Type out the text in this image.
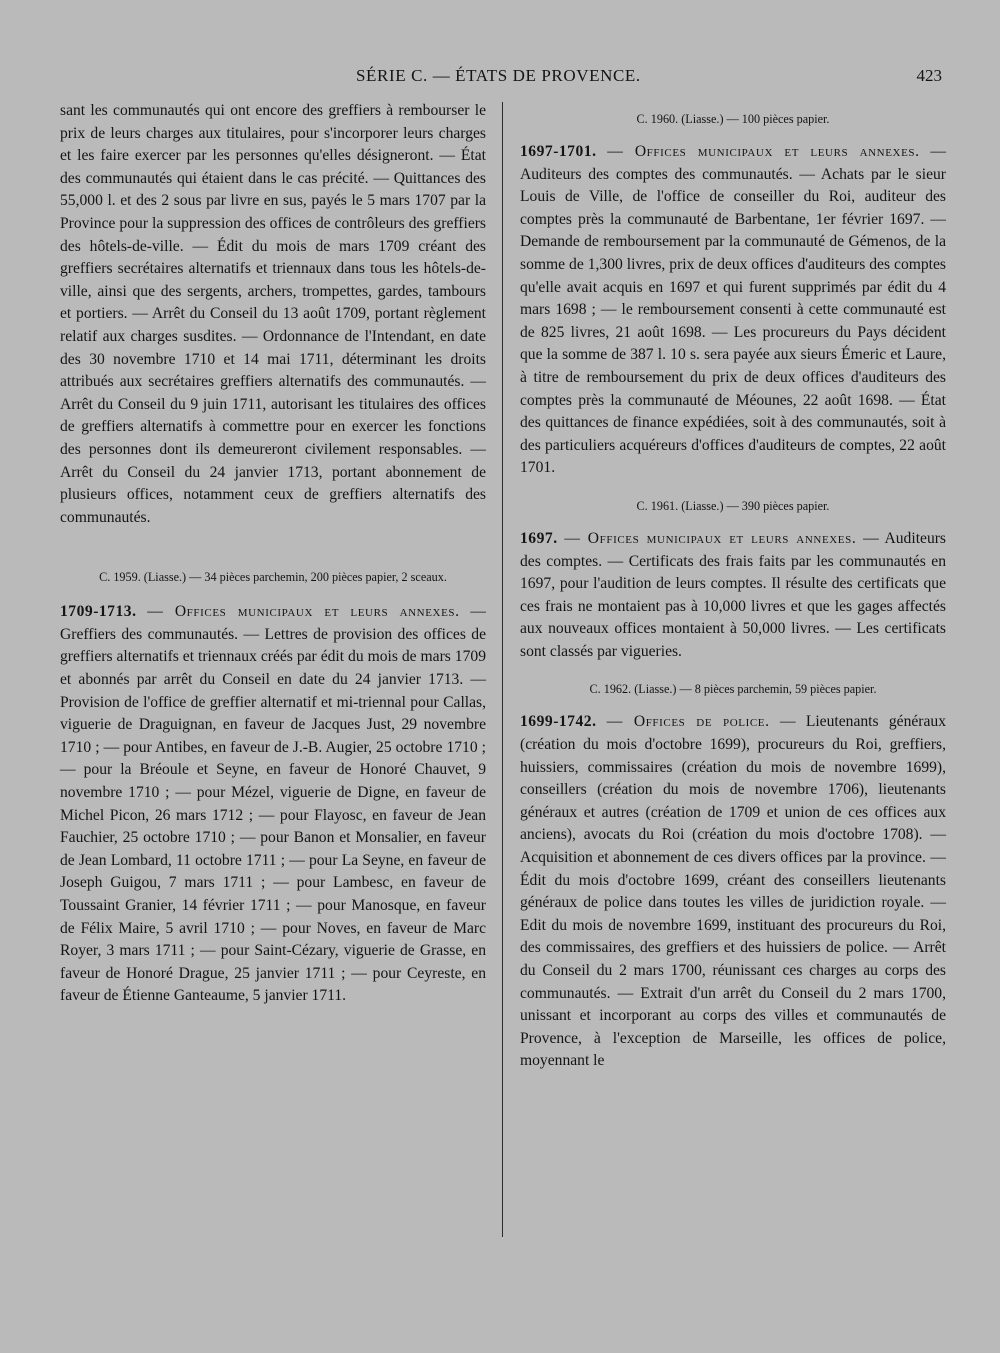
SÉRIE C. — ÉTATS DE PROVENCE.	423

sant les communautés qui ont encore des greffiers à rembourser le prix de leurs charges aux titulaires, pour s'incorporer leurs charges et les faire exercer par les personnes qu'elles désigneront. — État des communautés qui étaient dans le cas précité. — Quittances des 55,000 l. et des 2 sous par livre en sus, payés le 5 mars 1707 par la Province pour la suppression des offices de contrôleurs des greffiers des hôtels-de-ville. — Édit du mois de mars 1709 créant des greffiers secrétaires alternatifs et triennaux dans tous les hôtels-de-ville, ainsi que des sergents, archers, trompettes, gardes, tambours et portiers. — Arrêt du Conseil du 13 août 1709, portant règlement relatif aux charges susdites. — Ordonnance de l'Intendant, en date des 30 novembre 1710 et 14 mai 1711, déterminant les droits attribués aux secrétaires greffiers alternatifs des communautés. — Arrêt du Conseil du 9 juin 1711, autorisant les titulaires des offices de greffiers alternatifs à commettre pour en exercer les fonctions des personnes dont ils demeureront civilement responsables. — Arrêt du Conseil du 24 janvier 1713, portant abonnement de plusieurs offices, notamment ceux de greffiers alternatifs des communautés.

C. 1959. (Liasse.) — 34 pièces parchemin, 200 pièces papier, 2 sceaux.

1709-1713. — Offices municipaux et leurs annexes. — Greffiers des communautés. — Lettres de provision des offices de greffiers alternatifs et triennaux créés par édit du mois de mars 1709 et abonnés par arrêt du Conseil en date du 24 janvier 1713. — Provision de l'office de greffier alternatif et mi-triennal pour Callas, viguerie de Draguignan, en faveur de Jacques Just, 29 novembre 1710 ; — pour Antibes, en faveur de J.-B. Augier, 25 octobre 1710 ; — pour la Bréoule et Seyne, en faveur de Honoré Chauvet, 9 novembre 1710 ; — pour Mézel, viguerie de Digne, en faveur de Michel Picon, 26 mars 1712 ; — pour Flayosc, en faveur de Jean Fauchier, 25 octobre 1710 ; — pour Banon et Monsalier, en faveur de Jean Lombard, 11 octobre 1711 ; — pour La Seyne, en faveur de Joseph Guigou, 7 mars 1711 ; — pour Lambesc, en faveur de Toussaint Granier, 14 février 1711 ; — pour Manosque, en faveur de Félix Maire, 5 avril 1710 ; — pour Noves, en faveur de Marc Royer, 3 mars 1711 ; — pour Saint-Cézary, viguerie de Grasse, en faveur de Honoré Drague, 25 janvier 1711 ; — pour Ceyreste, en faveur de Étienne Ganteaume, 5 janvier 1711.

C. 1960. (Liasse.) — 100 pièces papier.

1697-1701. — Offices municipaux et leurs annexes. — Auditeurs des comptes des communautés. — Achats par le sieur Louis de Ville, de l'office de conseiller du Roi, auditeur des comptes près la communauté de Barbentane, 1er février 1697. — Demande de remboursement par la communauté de Gémenos, de la somme de 1,300 livres, prix de deux offices d'auditeurs des comptes qu'elle avait acquis en 1697 et qui furent supprimés par édit du 4 mars 1698 ; — le remboursement consenti à cette communauté est de 825 livres, 21 août 1698. — Les procureurs du Pays décident que la somme de 387 l. 10 s. sera payée aux sieurs Émeric et Laure, à titre de remboursement du prix de deux offices d'auditeurs des comptes près la communauté de Méounes, 22 août 1698. — État des quittances de finance expédiées, soit à des communautés, soit à des particuliers acquéreurs d'offices d'auditeurs de comptes, 22 août 1701.

C. 1961. (Liasse.) — 390 pièces papier.

1697. — Offices municipaux et leurs annexes. — Auditeurs des comptes. — Certificats des frais faits par les communautés en 1697, pour l'audition de leurs comptes. Il résulte des certificats que ces frais ne montaient pas à 10,000 livres et que les gages affectés aux nouveaux offices montaient à 50,000 livres. — Les certificats sont classés par vigueries.

C. 1962. (Liasse.) — 8 pièces parchemin, 59 pièces papier.

1699-1742. — Offices de police. — Lieutenants généraux (création du mois d'octobre 1699), procureurs du Roi, greffiers, huissiers, commissaires (création du mois de novembre 1699), conseillers (création du mois de novembre 1706), lieutenants généraux et autres (création de 1709 et union de ces offices aux anciens), avocats du Roi (création du mois d'octobre 1708). — Acquisition et abonnement de ces divers offices par la province. — Édit du mois d'octobre 1699, créant des conseillers lieutenants généraux de police dans toutes les villes de juridiction royale. — Edit du mois de novembre 1699, instituant des procureurs du Roi, des commissaires, des greffiers et des huissiers de police. — Arrêt du Conseil du 2 mars 1700, réunissant ces charges au corps des communautés. — Extrait d'un arrêt du Conseil du 2 mars 1700, unissant et incorporant au corps des villes et communautés de Provence, à l'exception de Marseille, les offices de police, moyennant le
